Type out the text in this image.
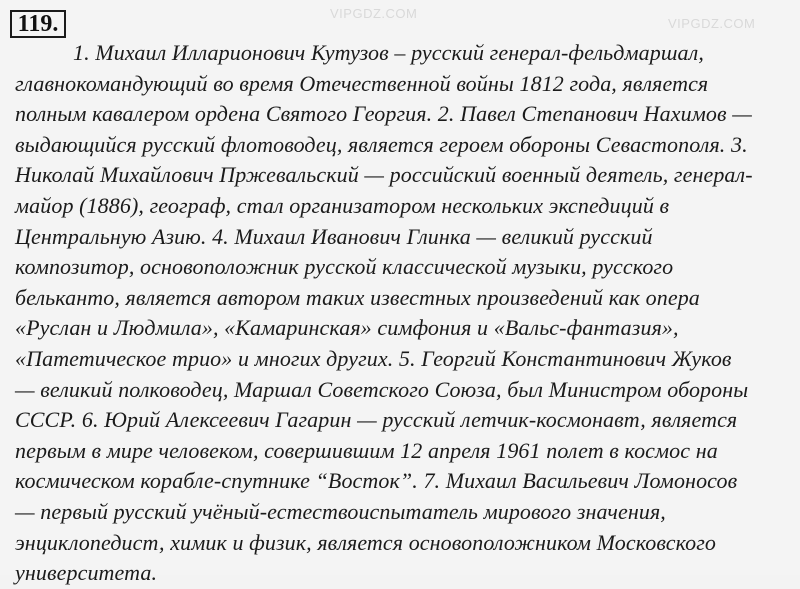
VIPGDZ.COM
VIPGDZ.COM
119.
1. Михаил Илларионович Кутузов – русский генерал-фельдмаршал,
главнокомандующий во время Отечественной войны 1812 года, является
полным кавалером ордена Святого Георгия. 2. Павел Степанович Нахимов —
выдающийся русский флотоводец, является героем обороны Севастополя. 3.
Николай Михайлович Пржевальский — российский военный деятель, генерал-
майор (1886), географ, стал организатором нескольких экспедиций в
Центральную Азию. 4. Михаил Иванович Глинка — великий русский
композитор, основоположник русской классической музыки, русского
бельканто, является автором таких известных произведений как опера
«Руслан и Людмила», «Камаринская» симфония и «Вальс-фантазия»,
«Патетическое трио» и многих других. 5. Георгий Константинович Жуков
— великий полководец, Маршал Советского Союза, был Министром обороны
СССР. 6. Юрий Алексеевич Гагарин — русский летчик-космонавт, является
первым в мире человеком, совершившим 12 апреля 1961 полет в космос на
космическом корабле-спутнике “Восток”. 7. Михаил Васильевич Ломоносов
— первый русский учёный-естествоиспытатель мирового значения,
энциклопедист, химик и физик, является основоположником Московского
университета.
